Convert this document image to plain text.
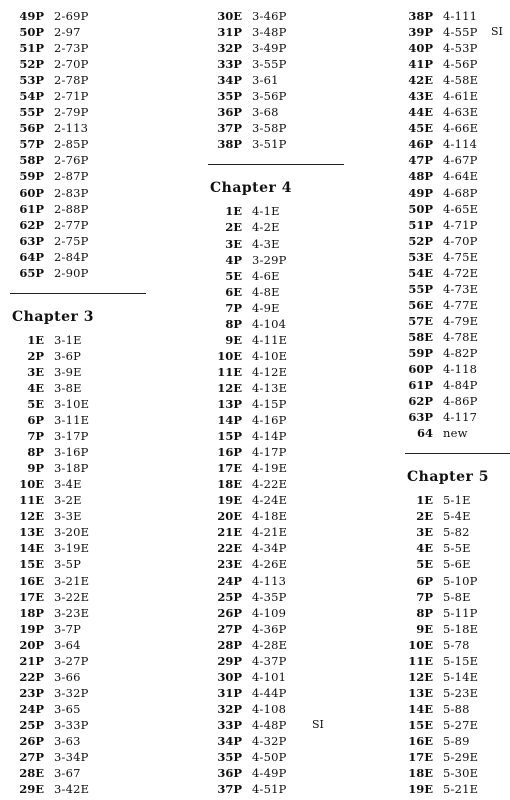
49P 2-69P
50P 2-97
51P 2-73P
52P 2-70P
53P 2-78P
54P 2-71P
55P 2-79P
56P 2-113
57P 2-85P
58P 2-76P
59P 2-87P
60P 2-83P
61P 2-88P
62P 2-77P
63P 2-75P
64P 2-84P
65P 2-90P
Chapter 3
1E 3-1E
2P 3-6P
3E 3-9E
4E 3-8E
5E 3-10E
6P 3-11E
7P 3-17P
8P 3-16P
9P 3-18P
10E 3-4E
11E 3-2E
12E 3-3E
13E 3-20E
14E 3-19E
15E 3-5P
16E 3-21E
17E 3-22E
18P 3-23E
19P 3-7P
20P 3-64
21P 3-27P
22P 3-66
23P 3-32P
24P 3-65
25P 3-33P
26P 3-63
27P 3-34P
28E 3-67
29E 3-42E
30E 3-46P
31P 3-48P
32P 3-49P
33P 3-55P
34P 3-61
35P 3-56P
36P 3-68
37P 3-58P
38P 3-51P
Chapter 4
1E 4-1E
2E 4-2E
3E 4-3E
4P 3-29P
5E 4-6E
6E 4-8E
7P 4-9E
8P 4-104
9E 4-11E
10E 4-10E
11E 4-12E
12E 4-13E
13P 4-15P
14P 4-16P
15P 4-14P
16P 4-17P
17E 4-19E
18E 4-22E
19E 4-24E
20E 4-18E
21E 4-21E
22E 4-34P
23E 4-26E
24P 4-113
25P 4-35P
26P 4-109
27P 4-36P
28P 4-28E
29P 4-37P
30P 4-101
31P 4-44P
32P 4-108
33P 4-48P	SI
34P 4-32P
35P 4-50P
36P 4-49P
37P 4-51P
38P 4-111
39P 4-55P	SI
40P 4-53P
41P 4-56P
42E 4-58E
43E 4-61E
44E 4-63E
45E 4-66E
46P 4-114
47P 4-67P
48P 4-64E
49P 4-68P
50P 4-65E
51P 4-71P
52P 4-70P
53E 4-75E
54E 4-72E
55P 4-73E
56E 4-77E
57E 4-79E
58E 4-78E
59P 4-82P
60P 4-118
61P 4-84P
62P 4-86P
63P 4-117
64 new
Chapter 5
1E 5-1E
2E 5-4E
3E 5-82
4E 5-5E
5E 5-6E
6P 5-10P
7P 5-8E
8P 5-11P
9E 5-18E
10E 5-78
11E 5-15E
12E 5-14E
13E 5-23E
14E 5-88
15E 5-27E
16E 5-89
17E 5-29E
18E 5-30E
19E 5-21E
